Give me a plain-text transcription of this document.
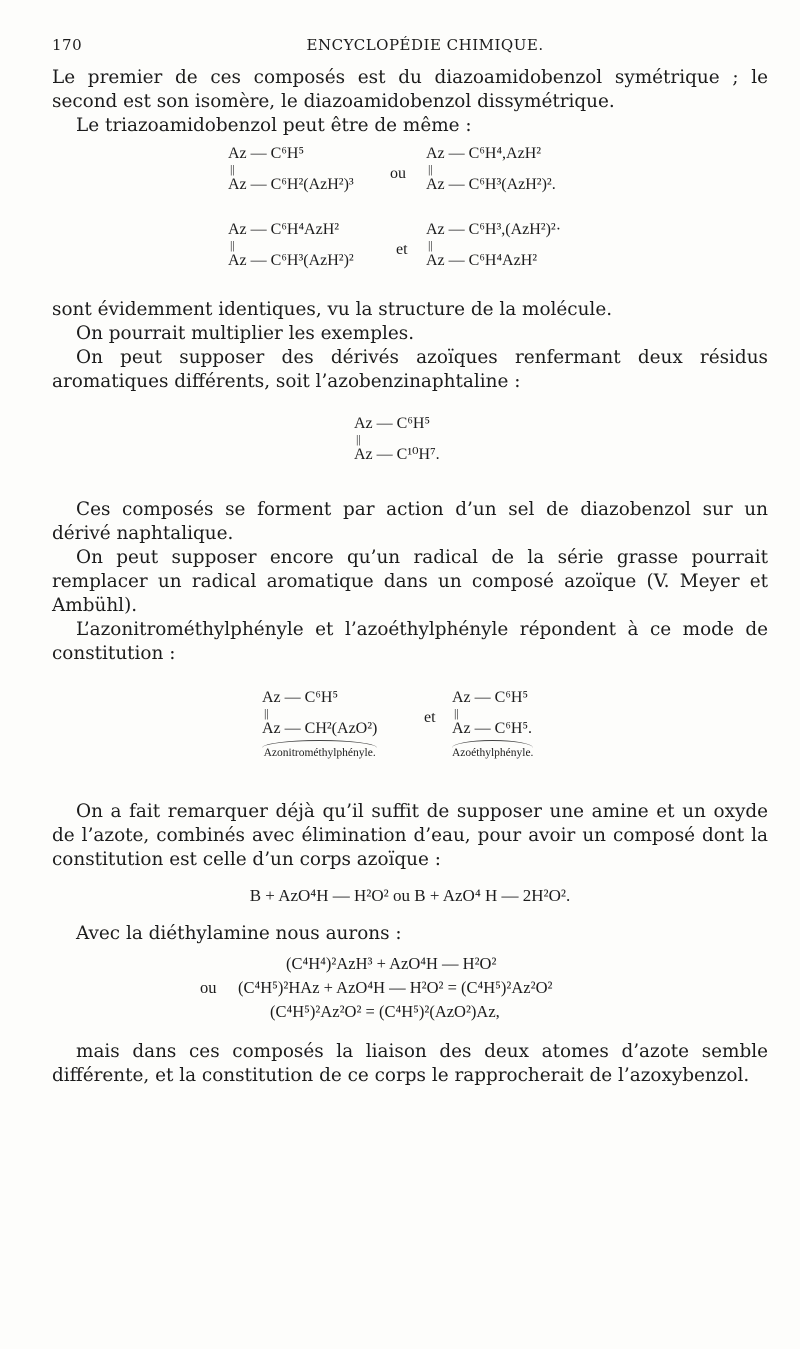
170	ENCYCLOPÉDIE CHIMIQUE.

Le premier de ces composés est du diazoamidobenzol symétrique ; le second est son isomère, le diazoamidobenzol dissymétrique.

Le triazoamidobenzol peut être de même :

Az — C⁶H⁵
||
Az — C⁶H²(AzH²)³
ou
Az — C⁶H⁴,AzH²
||
Az — C⁶H³(AzH²)².
Az — C⁶H⁴AzH²
||
Az — C⁶H³(AzH²)²
et
Az — C⁶H³,(AzH²)²·
||
Az — C⁶H⁴AzH²

sont évidemment identiques, vu la structure de la molécule.

On pourrait multiplier les exemples.

On peut supposer des dérivés azoïques renfermant deux résidus aromatiques différents, soit l’azobenzinaphtaline :

Az — C⁶H⁵
||
Az — C¹⁰H⁷.

Ces composés se forment par action d’un sel de diazobenzol sur un dérivé naphtalique.

On peut supposer encore qu’un radical de la série grasse pourrait remplacer un radical aromatique dans un composé azoïque (V. Meyer et Ambühl).

L’azonitrométhylphényle et l’azoéthylphényle répondent à ce mode de constitution :

Az — C⁶H⁵
||
Az — CH²(AzO²)
Azonitrométhylphényle.
et
Az — C⁶H⁵
||
Az — C⁶H⁵.
Azoéthylphényle.

On a fait remarquer déjà qu’il suffit de supposer une amine et un oxyde de l’azote, combinés avec élimination d’eau, pour avoir un composé dont la constitution est celle d’un corps azoïque :

B + AzO⁴H — H²O² ou B + AzO⁴ H — 2H²O².

Avec la diéthylamine nous aurons :

(C⁴H⁴)²AzH³ + AzO⁴H — H²O²
ou (C⁴H⁵)²HAz + AzO⁴H — H²O² = (C⁴H⁵)²Az²O²
(C⁴H⁵)²Az²O² = (C⁴H⁵)²(AzO²)Az,

mais dans ces composés la liaison des deux atomes d’azote semble différente, et la constitution de ce corps le rapprocherait de l’azoxybenzol.
